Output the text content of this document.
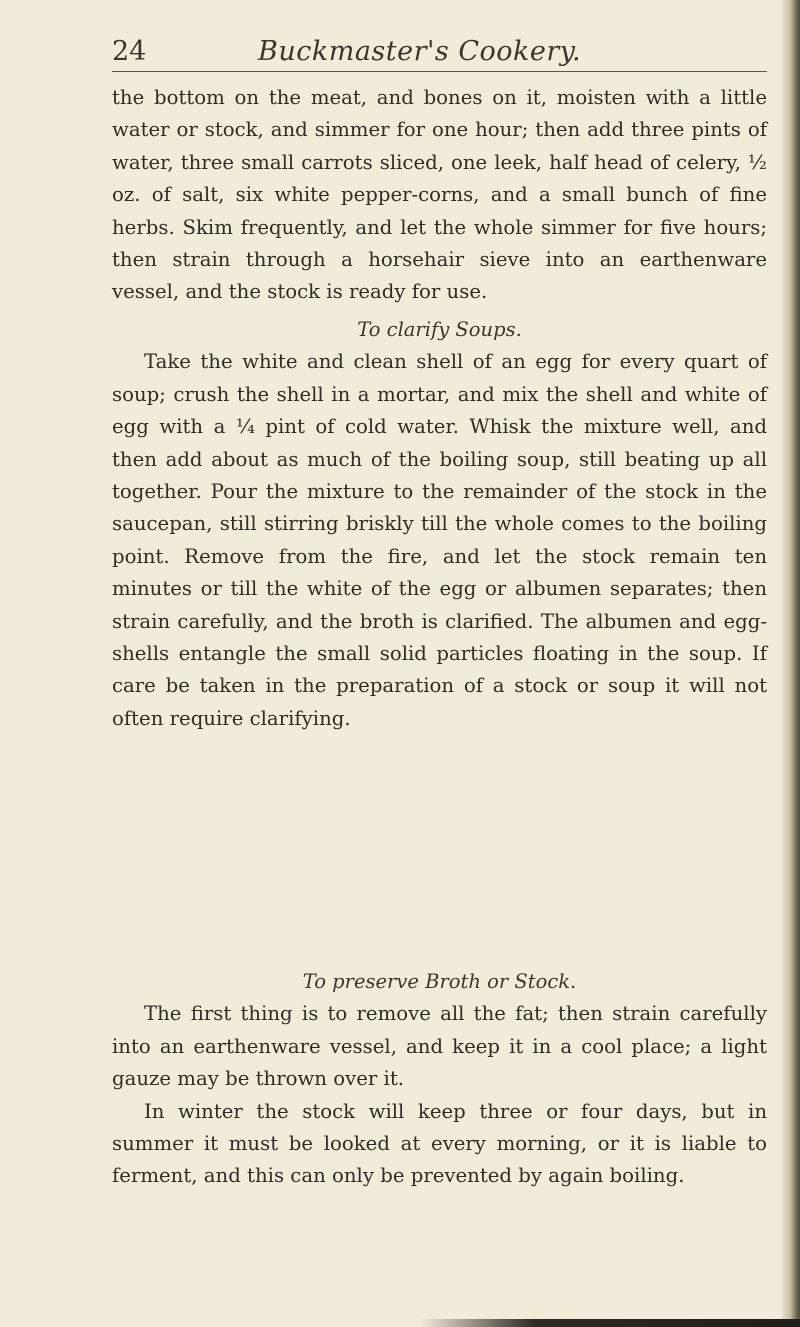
24	Buckmaster's Cookery.

the bottom on the meat, and bones on it, moisten with a little water or stock, and simmer for one hour; then add three pints of water, three small carrots sliced, one leek, half head of celery, ½ oz. of salt, six white pepper-corns, and a small bunch of fine herbs. Skim frequently, and let the whole simmer for five hours; then strain through a horsehair sieve into an earthenware vessel, and the stock is ready for use.

To clarify Soups.

Take the white and clean shell of an egg for every quart of soup; crush the shell in a mortar, and mix the shell and white of egg with a ¼ pint of cold water. Whisk the mixture well, and then add about as much of the boiling soup, still beating up all together. Pour the mixture to the remainder of the stock in the saucepan, still stirring briskly till the whole comes to the boiling point. Remove from the fire, and let the stock remain ten minutes or till the white of the egg or albumen separates; then strain carefully, and the broth is clarified. The albumen and egg-shells entangle the small solid particles floating in the soup. If care be taken in the preparation of a stock or soup it will not often require clarifying.

To preserve Broth or Stock.

The first thing is to remove all the fat; then strain carefully into an earthenware vessel, and keep it in a cool place; a light gauze may be thrown over it.

In winter the stock will keep three or four days, but in summer it must be looked at every morning, or it is liable to ferment, and this can only be prevented by again boiling.
